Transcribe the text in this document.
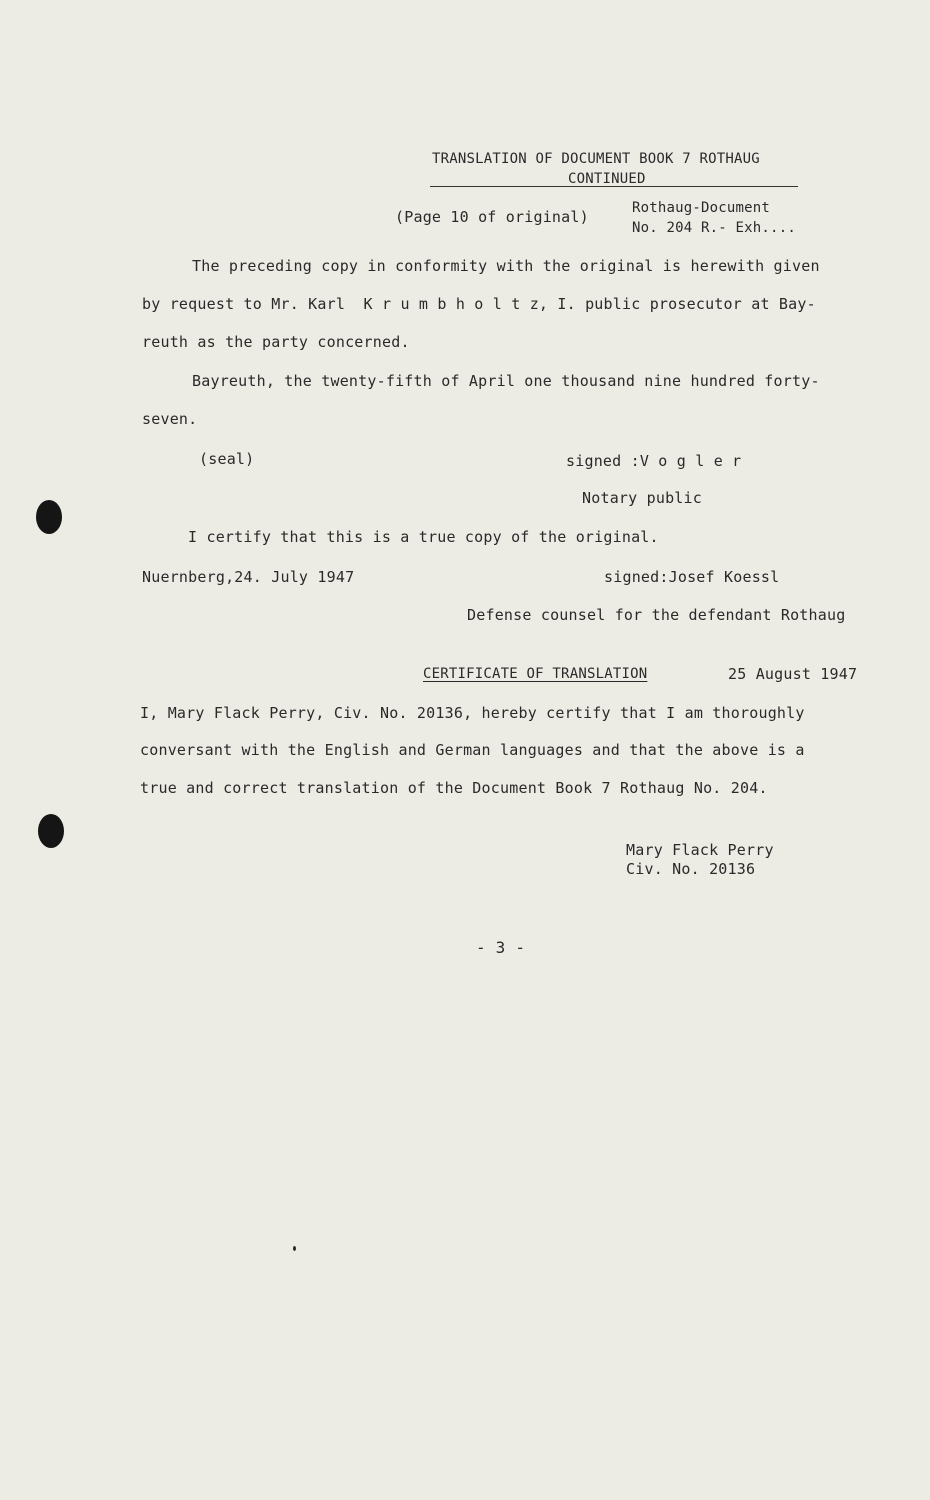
TRANSLATION OF DOCUMENT BOOK 7 ROTHAUG
CONTINUED
(Page 10 of original)	Rothaug-Document
No. 204 R.- Exh....
The preceding copy in conformity with the original is herewith given
by request to Mr. Karl  K r u m b h o l t z, I. public prosecutor at Bay-
reuth as the party concerned.
Bayreuth, the twenty-fifth of April one thousand nine hundred forty-
seven.
(seal)	signed :V o g l e r
Notary public
I certify that this is a true copy of the original.
Nuernberg,24. July 1947	signed:Josef Koessl
Defense counsel for the defendant Rothaug
CERTIFICATE OF TRANSLATION	25 August 1947
I, Mary Flack Perry, Civ. No. 20136, hereby certify that I am thoroughly
conversant with the English and German languages and that the above is a
true and correct translation of the Document Book 7 Rothaug No. 204.
Mary Flack Perry
Civ. No. 20136
- 3 -
